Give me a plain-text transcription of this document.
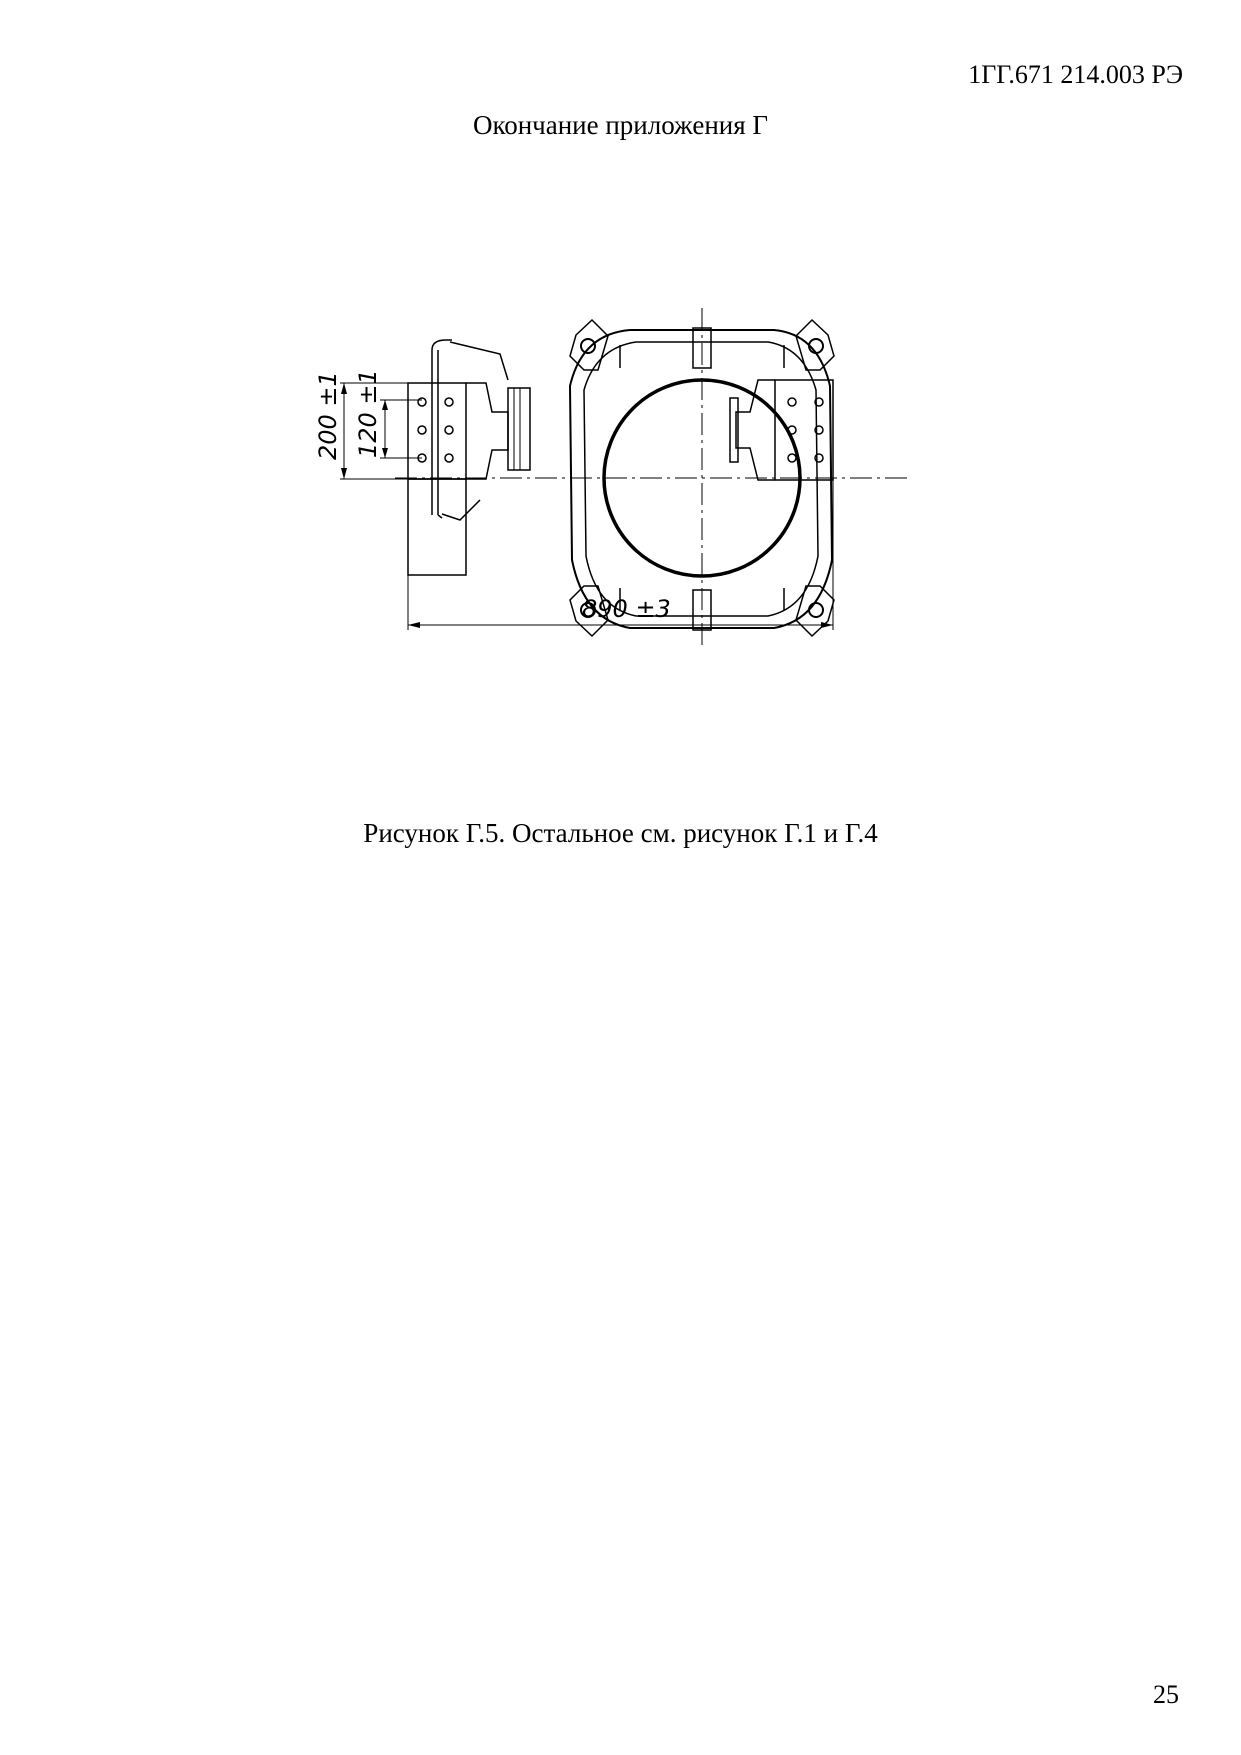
1ГГ.671 214.003 РЭ
Окончание приложения Г
200 ±1 120 ±1
890 ±3
Рисунок Г.5. Остальное см. рисунок Г.1 и Г.4
25
